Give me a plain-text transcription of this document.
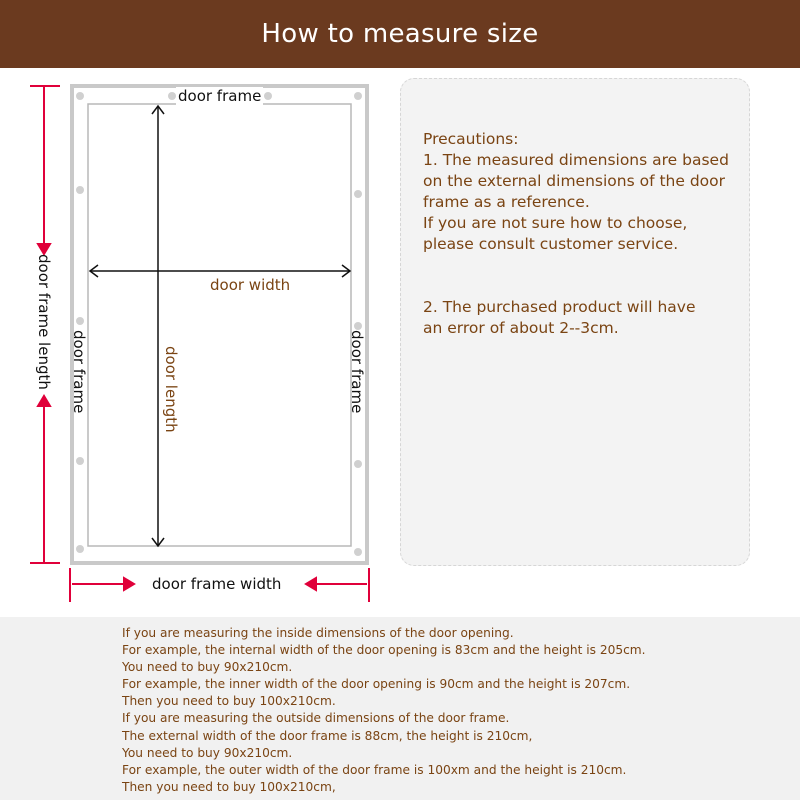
How to measure size
door frame
door width
door frame	door frame
door length
door frame length
door frame width
Precautions:
1. The measured dimensions are based
on the external dimensions of the door
frame as a reference.
If you are not sure how to choose,
please consult customer service.
2. The purchased product will have
an error of about 2--3cm.
If you are measuring the inside dimensions of the door opening.
For example, the internal width of the door opening is 83cm and the height is 205cm.
You need to buy 90x210cm.
For example, the inner width of the door opening is 90cm and the height is 207cm.
Then you need to buy 100x210cm.
If you are measuring the outside dimensions of the door frame.
The external width of the door frame is 88cm, the height is 210cm,
You need to buy 90x210cm.
For example, the outer width of the door frame is 100xm and the height is 210cm.
Then you need to buy 100x210cm,
